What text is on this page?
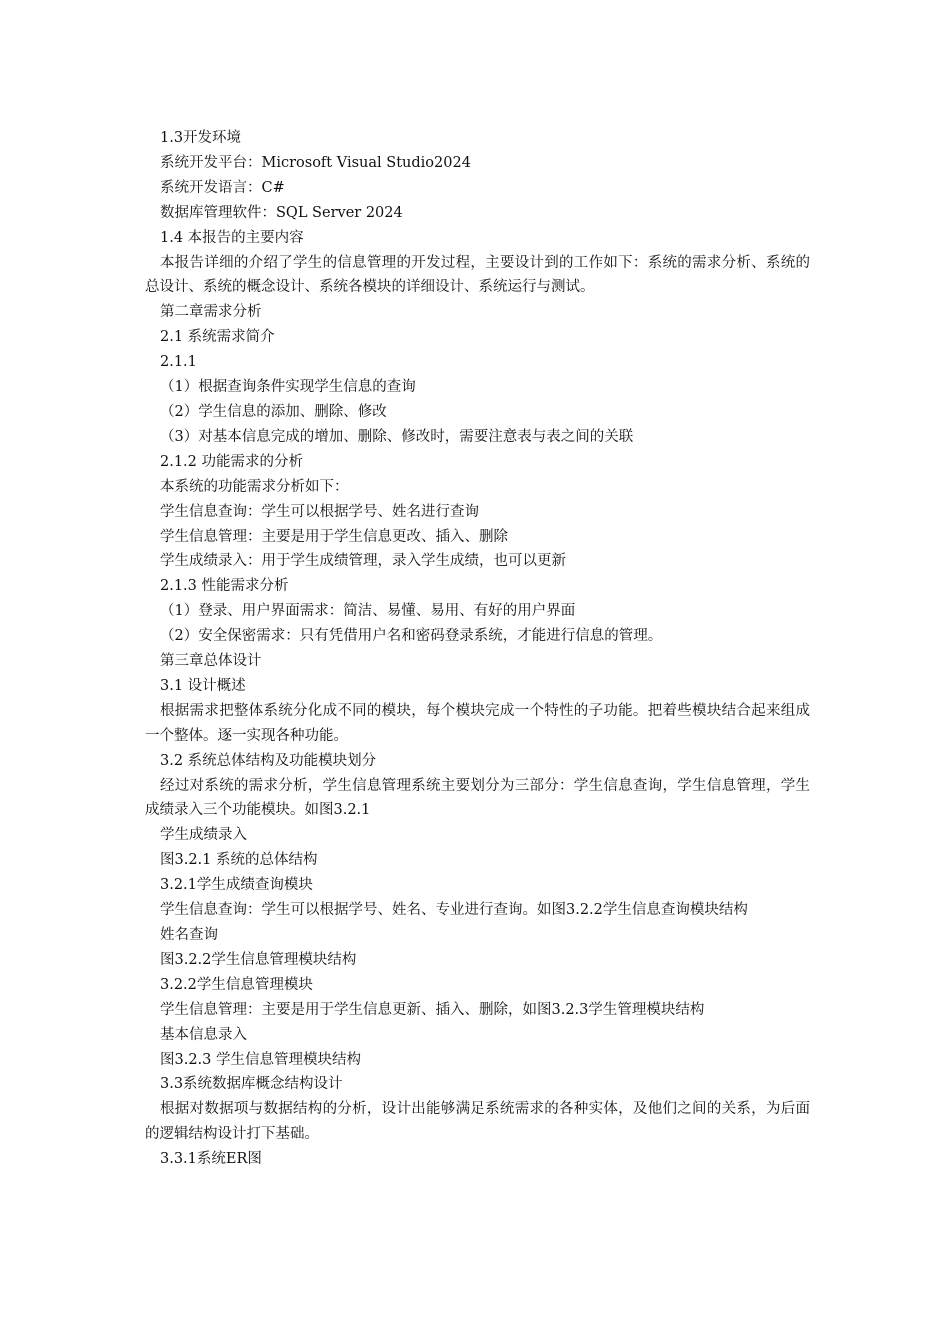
1.3开发环境
系统开发平台：Microsoft Visual Studio2024
系统开发语言：C#
数据库管理软件：SQL Server 2024
1.4 本报告的主要内容
本报告详细的介绍了学生的信息管理的开发过程，主要设计到的工作如下：系统的需求分析、系统的总设计、系统的概念设计、系统各模块的详细设计、系统运行与测试。
第二章需求分析
2.1 系统需求简介
2.1.1
（1）根据查询条件实现学生信息的查询
（2）学生信息的添加、删除、修改
（3）对基本信息完成的增加、删除、修改时，需要注意表与表之间的关联
2.1.2 功能需求的分析
本系统的功能需求分析如下：
学生信息查询：学生可以根据学号、姓名进行查询
学生信息管理：主要是用于学生信息更改、插入、删除
学生成绩录入：用于学生成绩管理，录入学生成绩，也可以更新
2.1.3 性能需求分析
（1）登录、用户界面需求：简洁、易懂、易用、有好的用户界面
（2）安全保密需求：只有凭借用户名和密码登录系统，才能进行信息的管理。
第三章总体设计
3.1 设计概述
根据需求把整体系统分化成不同的模块，每个模块完成一个特性的子功能。把着些模块结合起来组成一个整体。逐一实现各种功能。
3.2 系统总体结构及功能模块划分
经过对系统的需求分析，学生信息管理系统主要划分为三部分：学生信息查询，学生信息管理，学生成绩录入三个功能模块。如图3.2.1
学生成绩录入
图3.2.1 系统的总体结构
3.2.1学生成绩查询模块
学生信息查询：学生可以根据学号、姓名、专业进行查询。如图3.2.2学生信息查询模块结构
姓名查询
图3.2.2学生信息管理模块结构
3.2.2学生信息管理模块
学生信息管理：主要是用于学生信息更新、插入、删除，如图3.2.3学生管理模块结构
基本信息录入
图3.2.3 学生信息管理模块结构
3.3系统数据库概念结构设计
根据对数据项与数据结构的分析，设计出能够满足系统需求的各种实体，及他们之间的关系，为后面的逻辑结构设计打下基础。
3.3.1系统ER图
